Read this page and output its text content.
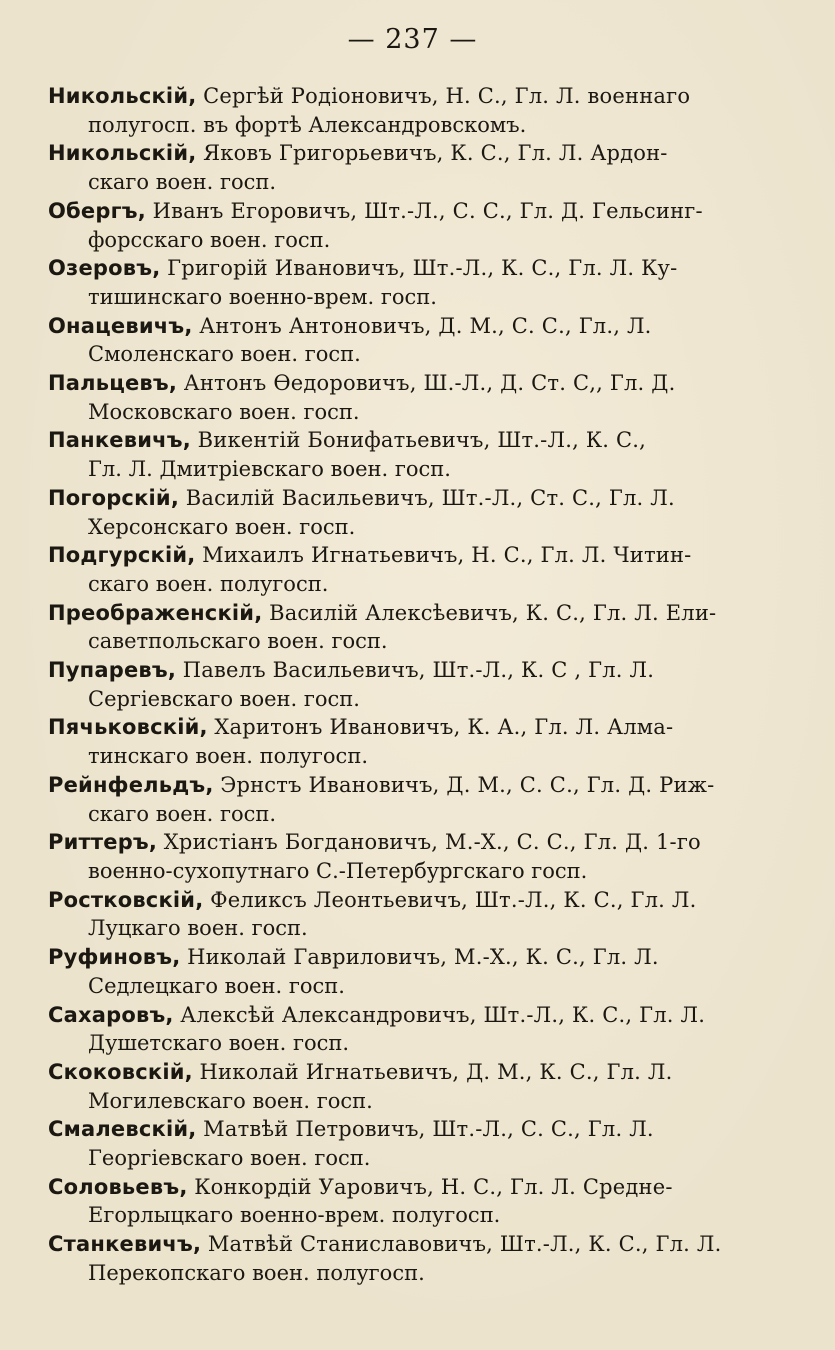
— 237 —

Никольскій, Сергѣй Родіоновичъ, Н. С., Гл. Л. военнаго
полугосп. въ фортѣ Александровскомъ.

Никольскій, Яковъ Григорьевичъ, К. С., Гл. Л. Ардон-
скаго воен. госп.

Обергъ, Иванъ Егоровичъ, Шт.-Л., С. С., Гл. Д. Гельсинг-
форсскаго воен. госп.

Озеровъ, Григорій Ивановичъ, Шт.-Л., К. С., Гл. Л. Ку-
тишинскаго военно-врем. госп.

Онацевичъ, Антонъ Антоновичъ, Д. М., С. С., Гл., Л.
Смоленскаго воен. госп.

Пальцевъ, Антонъ Өедоровичъ, Ш.-Л., Д. Ст. С,, Гл. Д.
Московскаго воен. госп.

Панкевичъ, Викентій Бонифатьевичъ, Шт.-Л., К. С.,
Гл. Л. Дмитріевскаго воен. госп.

Погорскій, Василій Васильевичъ, Шт.-Л., Ст. С., Гл. Л.
Херсонскаго воен. госп.

Подгурскій, Михаилъ Игнатьевичъ, Н. С., Гл. Л. Читин-
скаго воен. полугосп.

Преображенскій, Василій Алексѣевичъ, К. С., Гл. Л. Ели-
саветпольскаго воен. госп.

Пупаревъ, Павелъ Васильевичъ, Шт.-Л., К. С , Гл. Л.
Сергіевскаго воен. госп.

Пячьковскій, Харитонъ Ивановичъ, К. А., Гл. Л. Алма-
тинскаго воен. полугосп.

Рейнфельдъ, Эрнстъ Ивановичъ, Д. М., С. С., Гл. Д. Риж-
скаго воен. госп.

Риттеръ, Христіанъ Богдановичъ, М.-Х., С. С., Гл. Д. 1-го
военно-сухопутнаго С.-Петербургскаго госп.

Ростковскій, Феликсъ Леонтьевичъ, Шт.-Л., К. С., Гл. Л.
Луцкаго воен. госп.

Руфиновъ, Николай Гавриловичъ, М.-Х., К. С., Гл. Л.
Седлецкаго воен. госп.

Сахаровъ, Алексѣй Александровичъ, Шт.-Л., К. С., Гл. Л.
Душетскаго воен. госп.

Скоковскій, Николай Игнатьевичъ, Д. М., К. С., Гл. Л.
Могилевскаго воен. госп.

Смалевскій, Матвѣй Петровичъ, Шт.-Л., С. С., Гл. Л.
Георгіевскаго воен. госп.

Соловьевъ, Конкордій Уаровичъ, Н. С., Гл. Л. Средне-
Егорлыцкаго военно-врем. полугосп.

Станкевичъ, Матвѣй Станиславовичъ, Шт.-Л., К. С., Гл. Л.
Перекопскаго воен. полугосп.
